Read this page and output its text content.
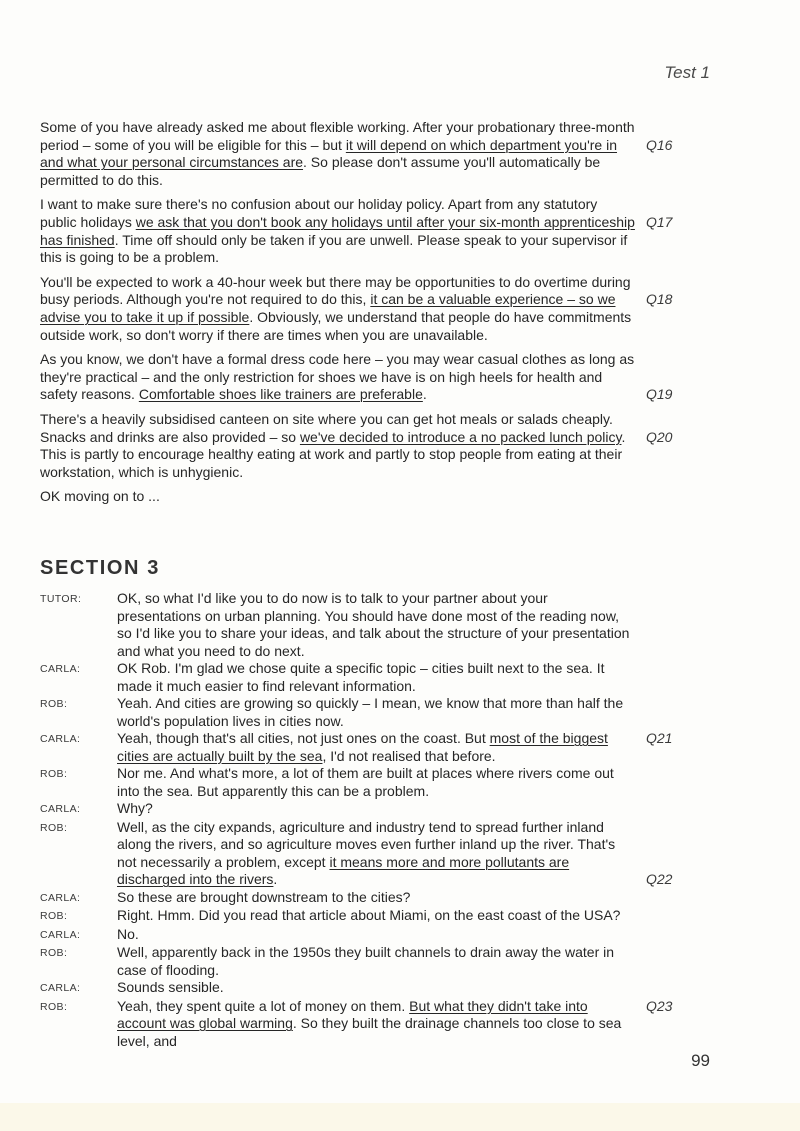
Test 1
Some of you have already asked me about flexible working. After your probationary three-month period – some of you will be eligible for this – but it will depend on which department you're in and what your personal circumstances are. So please don't assume you'll automatically be permitted to do this.
Q16
I want to make sure there's no confusion about our holiday policy. Apart from any statutory public holidays we ask that you don't book any holidays until after your six-month apprenticeship has finished. Time off should only be taken if you are unwell. Please speak to your supervisor if this is going to be a problem.
Q17
You'll be expected to work a 40-hour week but there may be opportunities to do overtime during busy periods. Although you're not required to do this, it can be a valuable experience – so we advise you to take it up if possible. Obviously, we understand that people do have commitments outside work, so don't worry if there are times when you are unavailable.
Q18
As you know, we don't have a formal dress code here – you may wear casual clothes as long as they're practical – and the only restriction for shoes we have is on high heels for health and safety reasons. Comfortable shoes like trainers are preferable.	Q19
There's a heavily subsidised canteen on site where you can get hot meals or salads cheaply. Snacks and drinks are also provided – so we've decided to introduce a no packed lunch policy. This is partly to encourage healthy eating at work and partly to stop people from eating at their workstation, which is unhygienic.
Q20
OK moving on to ...
SECTION 3
TUTOR:	OK, so what I'd like you to do now is to talk to your partner about your presentations on urban planning. You should have done most of the reading now, so I'd like you to share your ideas, and talk about the structure of your presentation and what you need to do next.
CARLA:	OK Rob. I'm glad we chose quite a specific topic – cities built next to the sea. It made it much easier to find relevant information.
ROB:	Yeah. And cities are growing so quickly – I mean, we know that more than half the world's population lives in cities now.
CARLA:	Yeah, though that's all cities, not just ones on the coast. But most of the biggest cities are actually built by the sea, I'd not realised that before.
Q21
ROB:	Nor me. And what's more, a lot of them are built at places where rivers come out into the sea. But apparently this can be a problem.
CARLA:	Why?
ROB:	Well, as the city expands, agriculture and industry tend to spread further inland along the rivers, and so agriculture moves even further inland up the river. That's not necessarily a problem, except it means more and more pollutants are discharged into the rivers.	Q22
CARLA:	So these are brought downstream to the cities?
ROB:	Right. Hmm. Did you read that article about Miami, on the east coast of the USA?
CARLA:	No.
ROB:	Well, apparently back in the 1950s they built channels to drain away the water in case of flooding.
CARLA:	Sounds sensible.
ROB:	Yeah, they spent quite a lot of money on them. But what they didn't take into account was global warming. So they built the drainage channels too close to sea level, and
Q23
99
